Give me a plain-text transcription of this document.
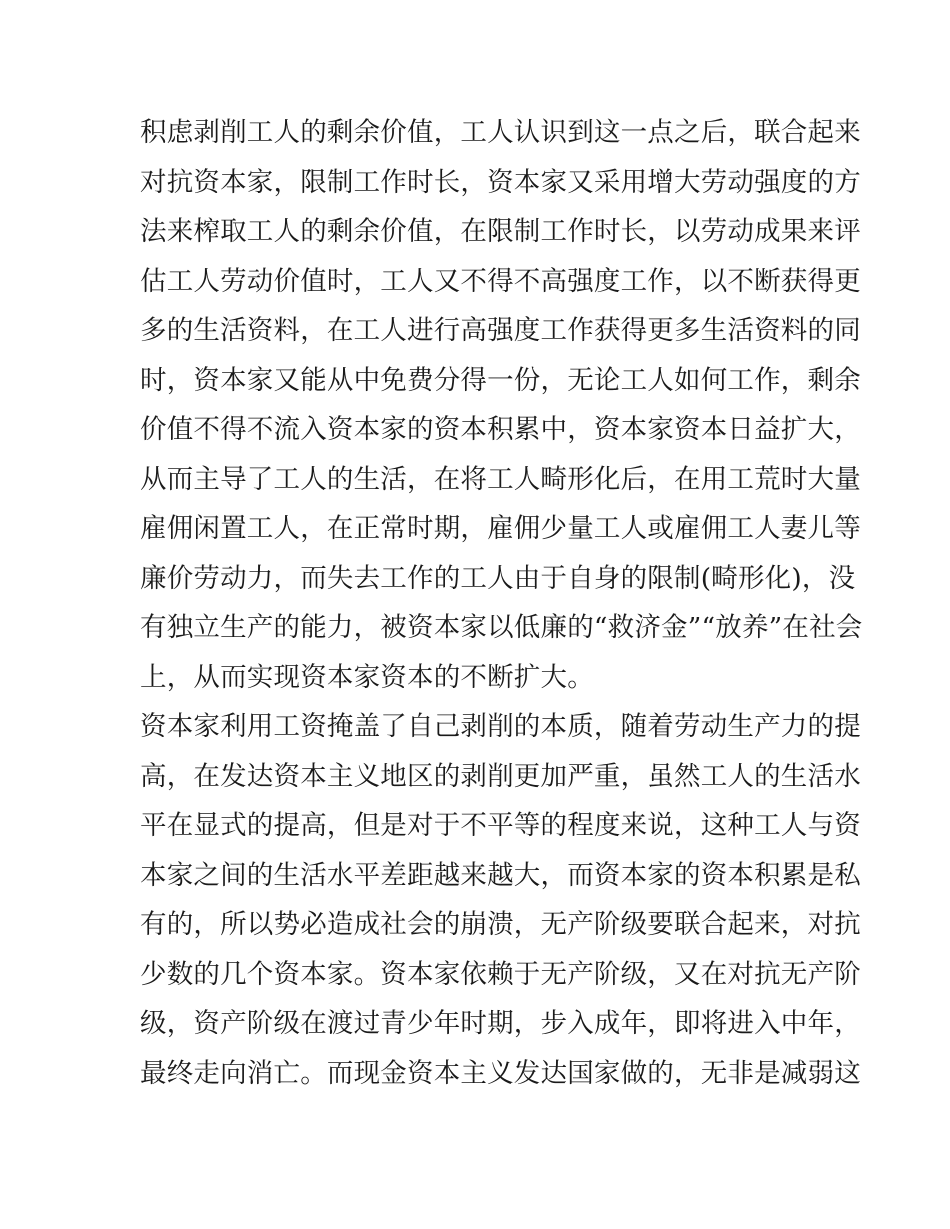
积虑剥削工人的剩余价值，工人认识到这一点之后，联合起来
对抗资本家，限制工作时长，资本家又采用增大劳动强度的方
法来榨取工人的剩余价值，在限制工作时长，以劳动成果来评
估工人劳动价值时，工人又不得不高强度工作，以不断获得更
多的生活资料，在工人进行高强度工作获得更多生活资料的同
时，资本家又能从中免费分得一份，无论工人如何工作，剩余
价值不得不流入资本家的资本积累中，资本家资本日益扩大，
从而主导了工人的生活，在将工人畸形化后，在用工荒时大量
雇佣闲置工人，在正常时期，雇佣少量工人或雇佣工人妻儿等
廉价劳动力，而失去工作的工人由于自身的限制(畸形化)，没
有独立生产的能力，被资本家以低廉的“救济金”“放养”在社会
上，从而实现资本家资本的不断扩大。
资本家利用工资掩盖了自己剥削的本质，随着劳动生产力的提
高，在发达资本主义地区的剥削更加严重，虽然工人的生活水
平在显式的提高，但是对于不平等的程度来说，这种工人与资
本家之间的生活水平差距越来越大，而资本家的资本积累是私
有的，所以势必造成社会的崩溃，无产阶级要联合起来，对抗
少数的几个资本家。资本家依赖于无产阶级，又在对抗无产阶
级，资产阶级在渡过青少年时期，步入成年，即将进入中年，
最终走向消亡。而现金资本主义发达国家做的，无非是减弱这
